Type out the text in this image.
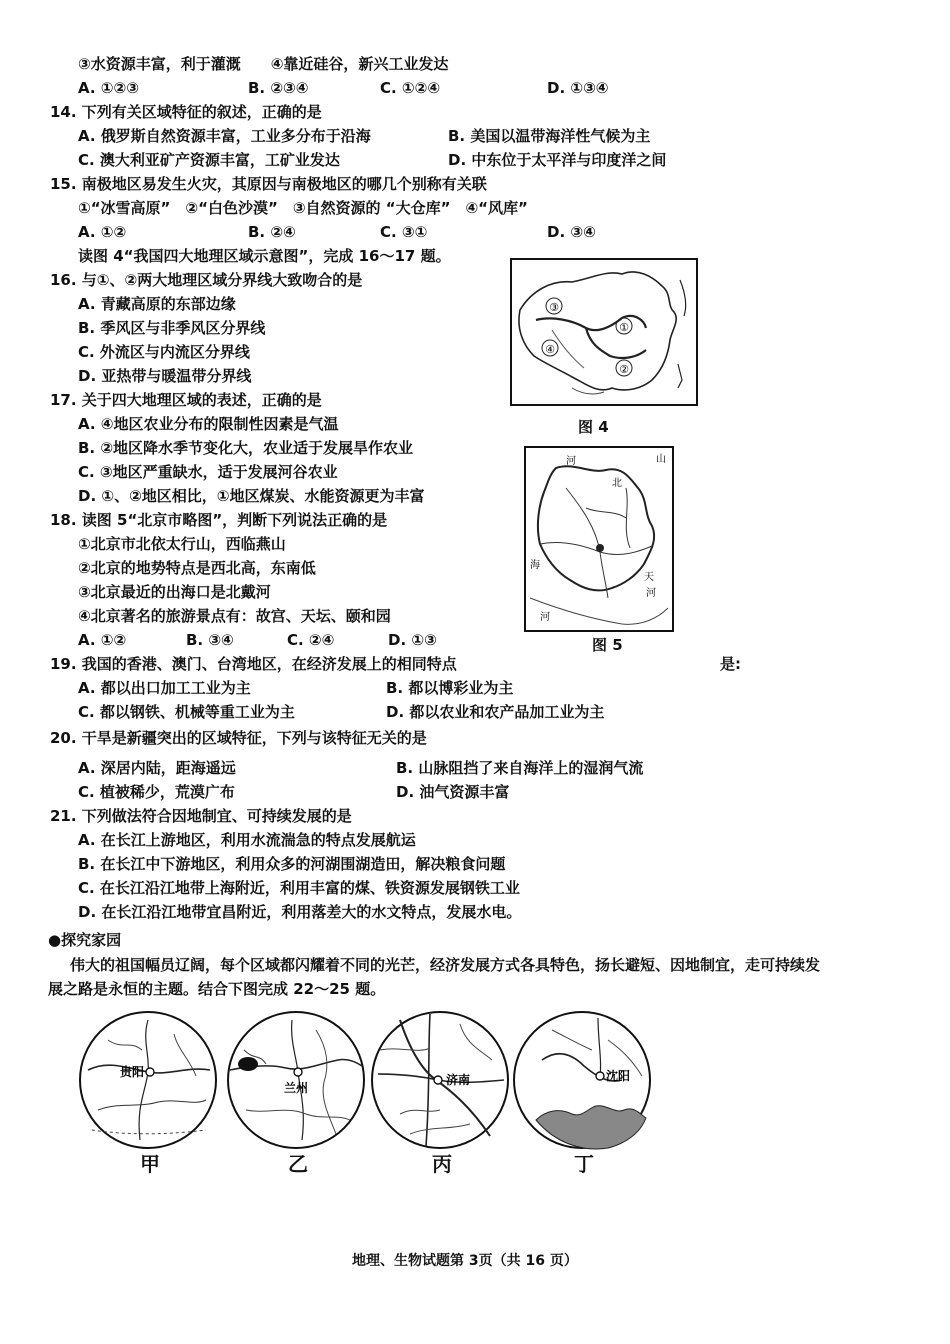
③水资源丰富，利于灌溉　　④靠近硅谷，新兴工业发达
A. ①②③	B. ②③④	C. ①②④	D. ①③④
14. 下列有关区域特征的叙述，正确的是
A. 俄罗斯自然资源丰富，工业多分布于沿海	B. 美国以温带海洋性气候为主
C. 澳大利亚矿产资源丰富，工矿业发达	D. 中东位于太平洋与印度洋之间
15. 南极地区易发生火灾，其原因与南极地区的哪几个别称有关联
①“冰雪高原”　②“白色沙漠”　③自然资源的 “大仓库”　④“风库”
A. ①②	B. ②④	C. ③①	D. ③④
读图 4“我国四大地理区域示意图”，完成 16～17 题。
16. 与①、②两大地理区域分界线大致吻合的是
A. 青藏高原的东部边缘
B. 季风区与非季风区分界线
C. 外流区与内流区分界线
D. 亚热带与暖温带分界线
17. 关于四大地理区域的表述，正确的是
A. ④地区农业分布的限制性因素是气温
B. ②地区降水季节变化大，农业适于发展旱作农业
C. ③地区严重缺水，适于发展河谷农业
D. ①、②地区相比，①地区煤炭、水能资源更为丰富
18. 读图 5“北京市略图”，判断下列说法正确的是
①北京市北依太行山，西临燕山
②北京的地势特点是西北高，东南低
③北京最近的出海口是北戴河
④北京著名的旅游景点有：故宫、天坛、颐和园
A. ①②	B. ③④	C. ②④	D. ①③
③
①
④
②
图 4
河
北
山
天
河
海
河
图 5
19. 我国的香港、澳门、台湾地区，在经济发展上的相同特点	是:
A. 都以出口加工工业为主	B. 都以博彩业为主
C. 都以钢铁、机械等重工业为主	D. 都以农业和农产品加工业为主
20. 干旱是新疆突出的区域特征，下列与该特征无关的是
A. 深居内陆，距海遥远	B. 山脉阻挡了来自海洋上的湿润气流
C. 植被稀少，荒漠广布	D. 油气资源丰富
21. 下列做法符合因地制宜、可持续发展的是
A. 在长江上游地区，利用水流湍急的特点发展航运
B. 在长江中下游地区，利用众多的河湖围湖造田，解决粮食问题
C. 在长江沿江地带上海附近，利用丰富的煤、铁资源发展钢铁工业
D. 在长江沿江地带宜昌附近，利用落差大的水文特点，发展水电。
●探究家园
伟大的祖国幅员辽阔，每个区域都闪耀着不同的光芒，经济发展方式各具特色，扬长避短、因地制宜，走可持续发
展之路是永恒的主题。结合下图完成 22～25 题。
贵阳
兰州
济南	沈阳
甲	乙	丙	丁
地理、生物试题第 3页（共 16 页）
